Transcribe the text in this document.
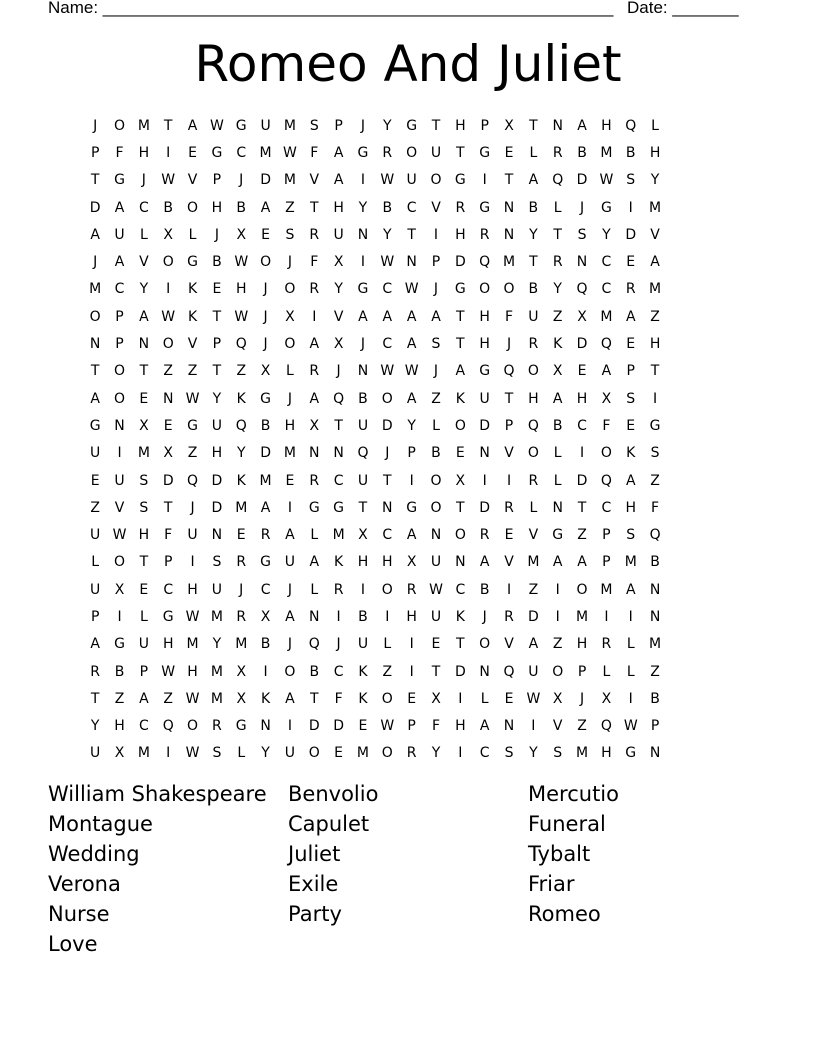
Name: ______________________________________________________ Date: _______
Romeo And Juliet
J	O M	T	A W G U M S	P	J	Y	G	T	H	P	X	T	N	A	H Q	L
P	F	H	I	E	G	C M W F	A	G	R O U	T	G	E	L	R	B M B	H
T	G	J	W V	P	J	D M V	A	I	W U O G	I	T	A	Q D W S	Y
D	A	C	B	O H	B	A	Z	T	H	Y	B	C	V	R	G N	B	L	J	G	I	M
A	U	L	X	L	J	X	E	S	R	U N	Y	T	I	H	R	N	Y	T	S	Y	D	V
J	A	V	O G	B W O	J	F	X	I	W N	P	D Q M	T	R	N	C	E	A
M C	Y	I	K	E	H	J	O R	Y	G	C W	J	G O O	B	Y	Q C	R M
O	P	A W K	T W	J	X	I	V	A	A	A	A	T	H	F	U	Z	X M A	Z
N	P	N O	V	P	Q	J	O	A	X	J	C	A	S	T	H	J	R	K	D Q	E	H
T	O	T	Z	Z	T	Z	X	L	R	J	N W W	J	A	G Q O	X	E	A	P	T
A	O	E	N W Y	K	G	J	A	Q	B	O	A	Z	K	U	T	H	A	H	X	S	I
G N	X	E	G U Q	B	H	X	T	U D	Y	L	O D	P	Q	B	C	F	E	G
U	I	M X	Z	H	Y	D M N N Q	J	P	B	E	N	V	O	L	I	O	K	S
E	U	S	D Q D	K M E	R	C	U	T	I	O	X	I	I	R	L	D Q	A	Z
Z	V	S	T	J	D M A	I	G G	T	N G O	T	D	R	L	N	T	C	H	F
U W H	F	U N	E	R	A	L	M X	C	A	N O R	E	V	G	Z	P	S	Q
L	O	T	P	I	S	R	G U	A	K	H H	X	U N	A	V M A	A	P	M B
U	X	E	C	H U	J	C	J	L	R	I	O R W C	B	I	Z	I	O M A	N
P	I	L	G W M R	X	A	N	I	B	I	H U	K	J	R	D	I	M	I	I	N
A	G U H M	Y	M B	J	Q	J	U	L	I	E	T	O	V	A	Z	H	R	L	M
R	B	P W H M X	I	O	B	C	K	Z	I	T	D N Q U O	P	L	L	Z
T	Z	A	Z W M X	K	A	T	F	K	O	E	X	I	L	E W X	J	X	I	B
Y	H	C Q O R	G N	I	D D	E W P	F	H	A	N	I	V	Z	Q W P
U	X M	I	W S	L	Y	U O	E M O R	Y	I	C	S	Y	S M H G N
William Shakespeare	Benvolio	Mercutio
Montague	Capulet	Funeral
Wedding	Juliet	Tybalt
Verona	Exile	Friar
Nurse	Party	Romeo
Love
